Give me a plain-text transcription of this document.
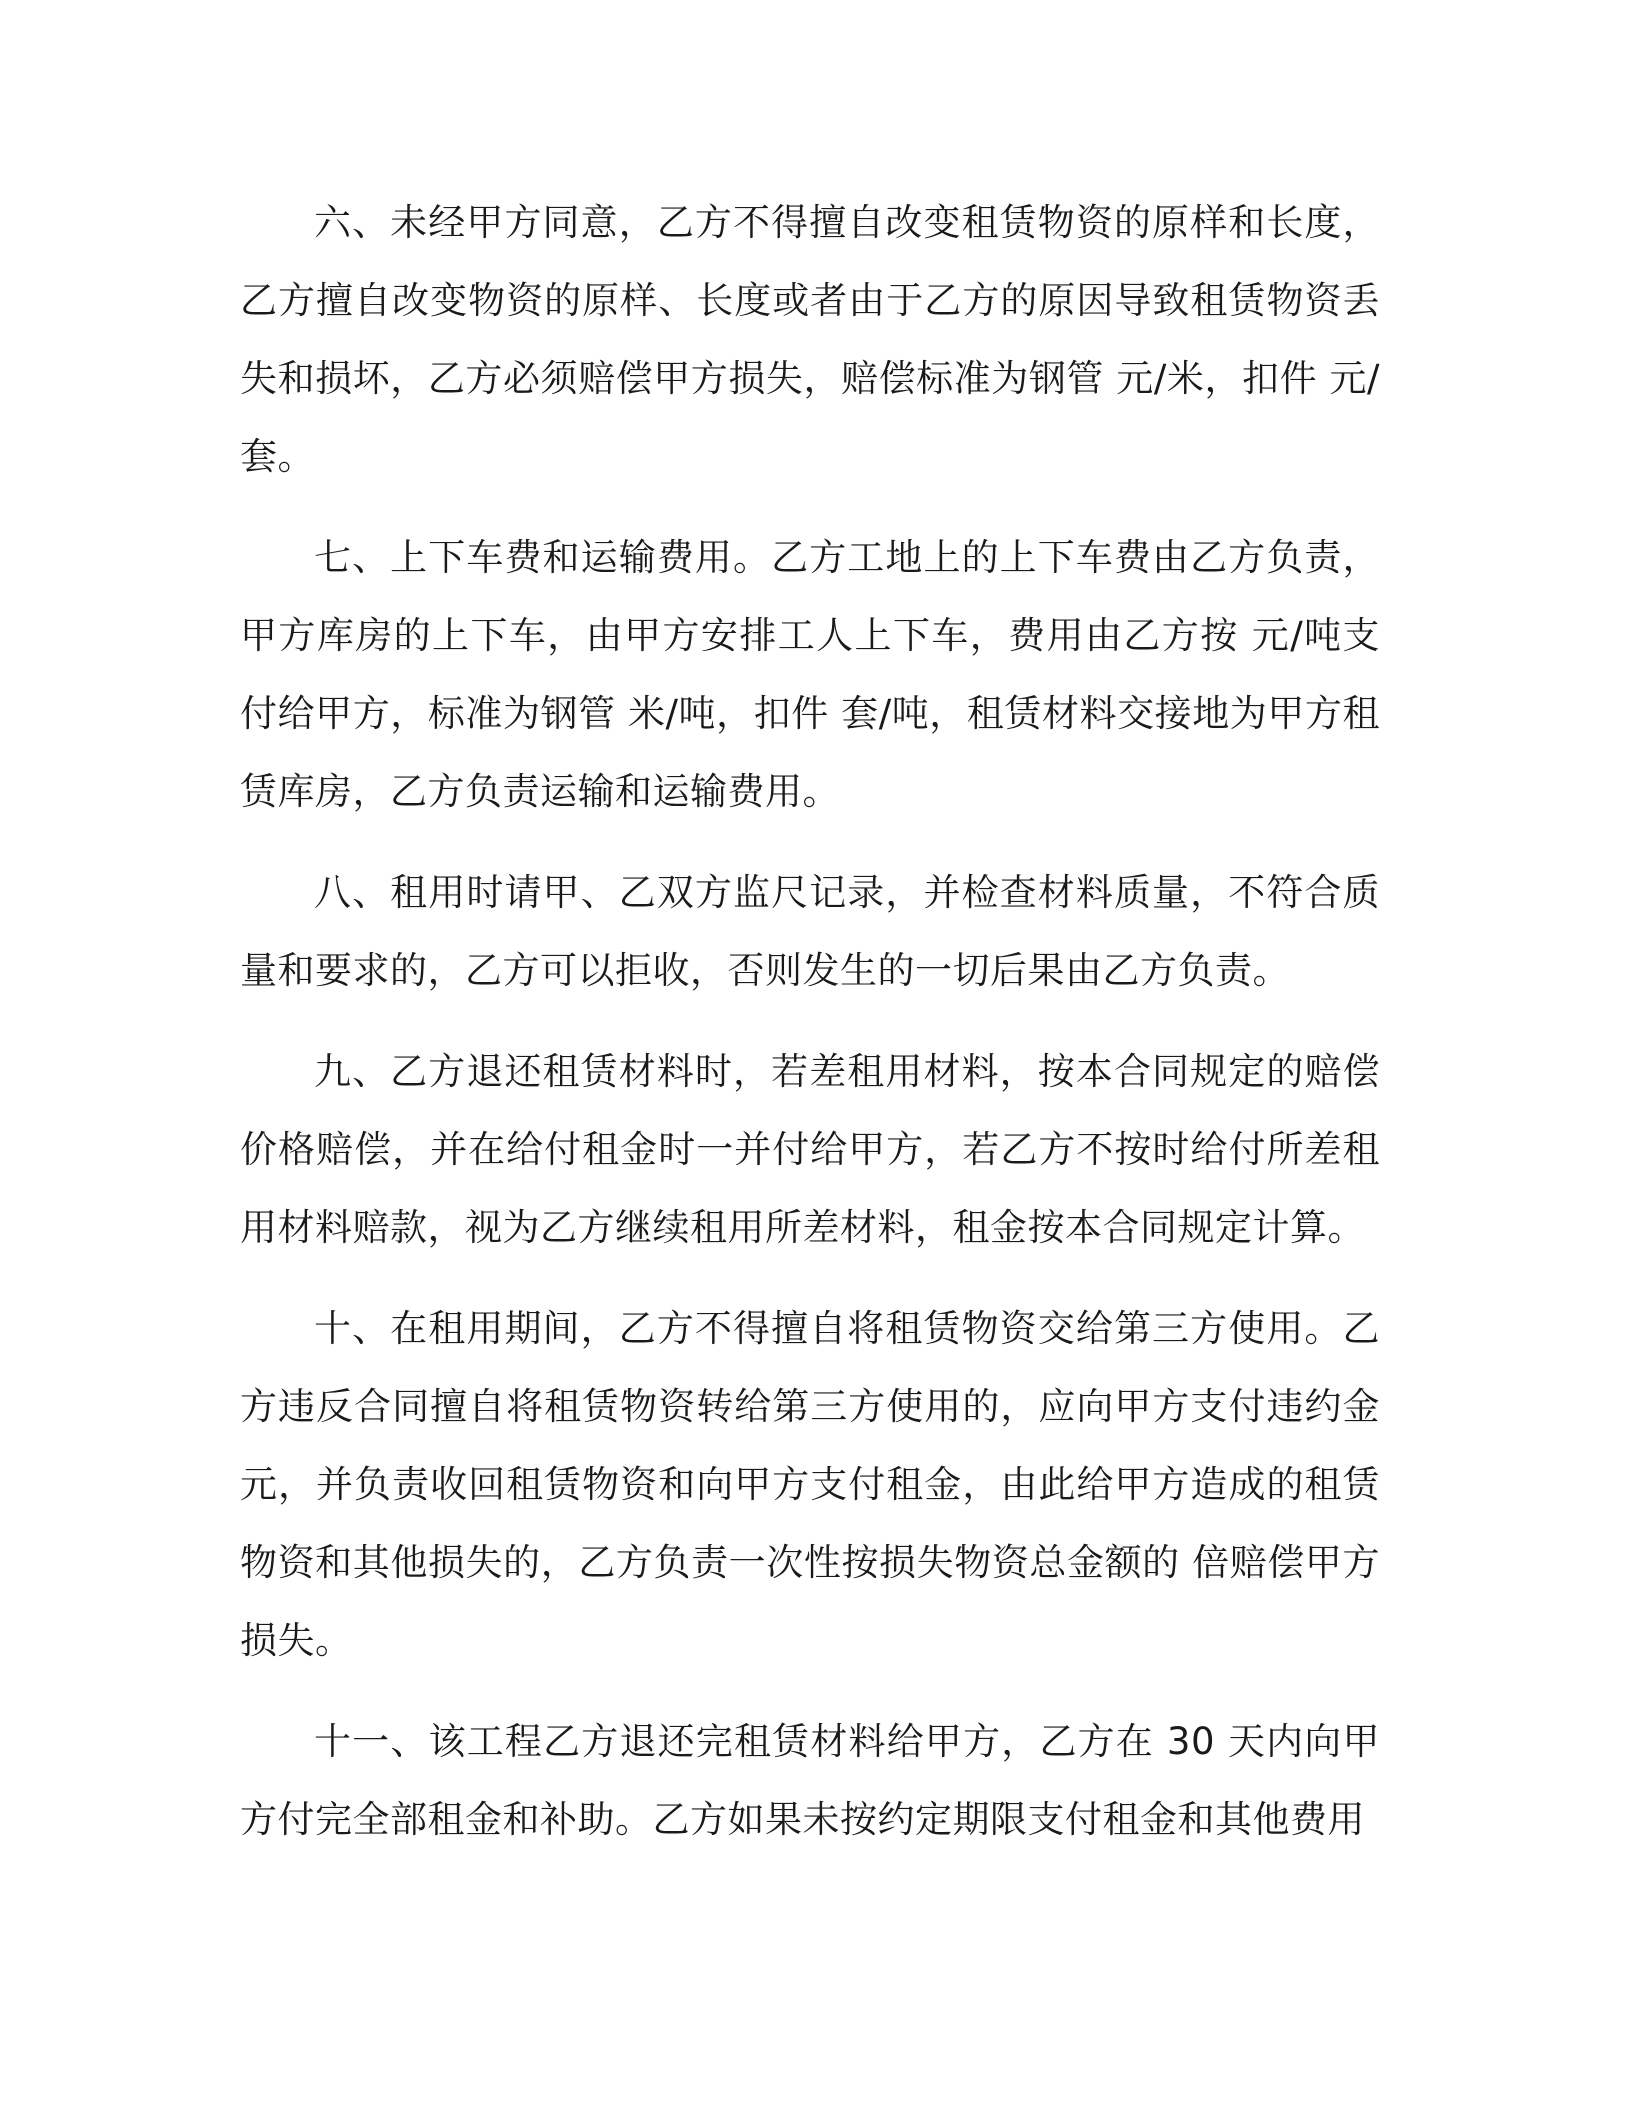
六、未经甲方同意，乙方不得擅自改变租赁物资的原样和长度，乙方擅自改变物资的原样、长度或者由于乙方的原因导致租赁物资丢失和损坏，乙方必须赔偿甲方损失，赔偿标准为钢管 元/米，扣件 元/套。

七、上下车费和运输费用。乙方工地上的上下车费由乙方负责，甲方库房的上下车，由甲方安排工人上下车，费用由乙方按 元/吨支付给甲方，标准为钢管 米/吨，扣件 套/吨，租赁材料交接地为甲方租赁库房，乙方负责运输和运输费用。

八、租用时请甲、乙双方监尺记录，并检查材料质量，不符合质量和要求的，乙方可以拒收，否则发生的一切后果由乙方负责。

九、乙方退还租赁材料时，若差租用材料，按本合同规定的赔偿价格赔偿，并在给付租金时一并付给甲方，若乙方不按时给付所差租用材料赔款，视为乙方继续租用所差材料，租金按本合同规定计算。

十、在租用期间，乙方不得擅自将租赁物资交给第三方使用。乙方违反合同擅自将租赁物资转给第三方使用的，应向甲方支付违约金 元，并负责收回租赁物资和向甲方支付租金，由此给甲方造成的租赁物资和其他损失的，乙方负责一次性按损失物资总金额的 倍赔偿甲方损失。

十一、该工程乙方退还完租赁材料给甲方，乙方在 30 天内向甲方付完全部租金和补助。乙方如果未按约定期限支付租金和其他费用
